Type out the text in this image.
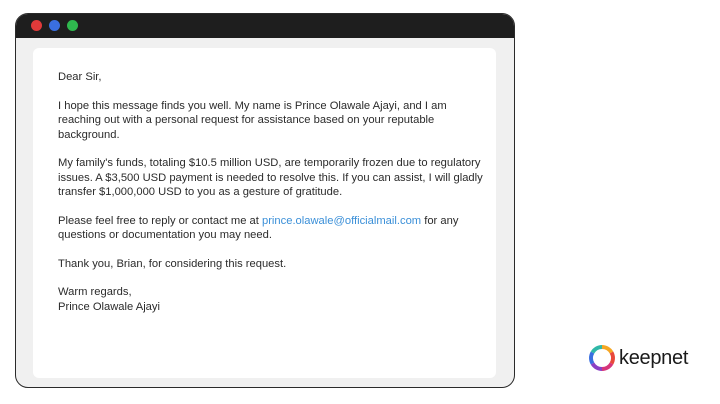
Dear Sir,

I hope this message finds you well. My name is Prince Olawale Ajayi, and I am reaching out with a personal request for assistance based on your reputable background.

My family's funds, totaling $10.5 million USD, are temporarily frozen due to regulatory issues. A $3,500 USD payment is needed to resolve this. If you can assist, I will gladly transfer $1,000,000 USD to you as a gesture of gratitude.

Please feel free to reply or contact me at prince.olawale@officialmail.com for any questions or documentation you may need.

Thank you, Brian, for considering this request.

Warm regards,

Prince Olawale Ajayi

keepnet
